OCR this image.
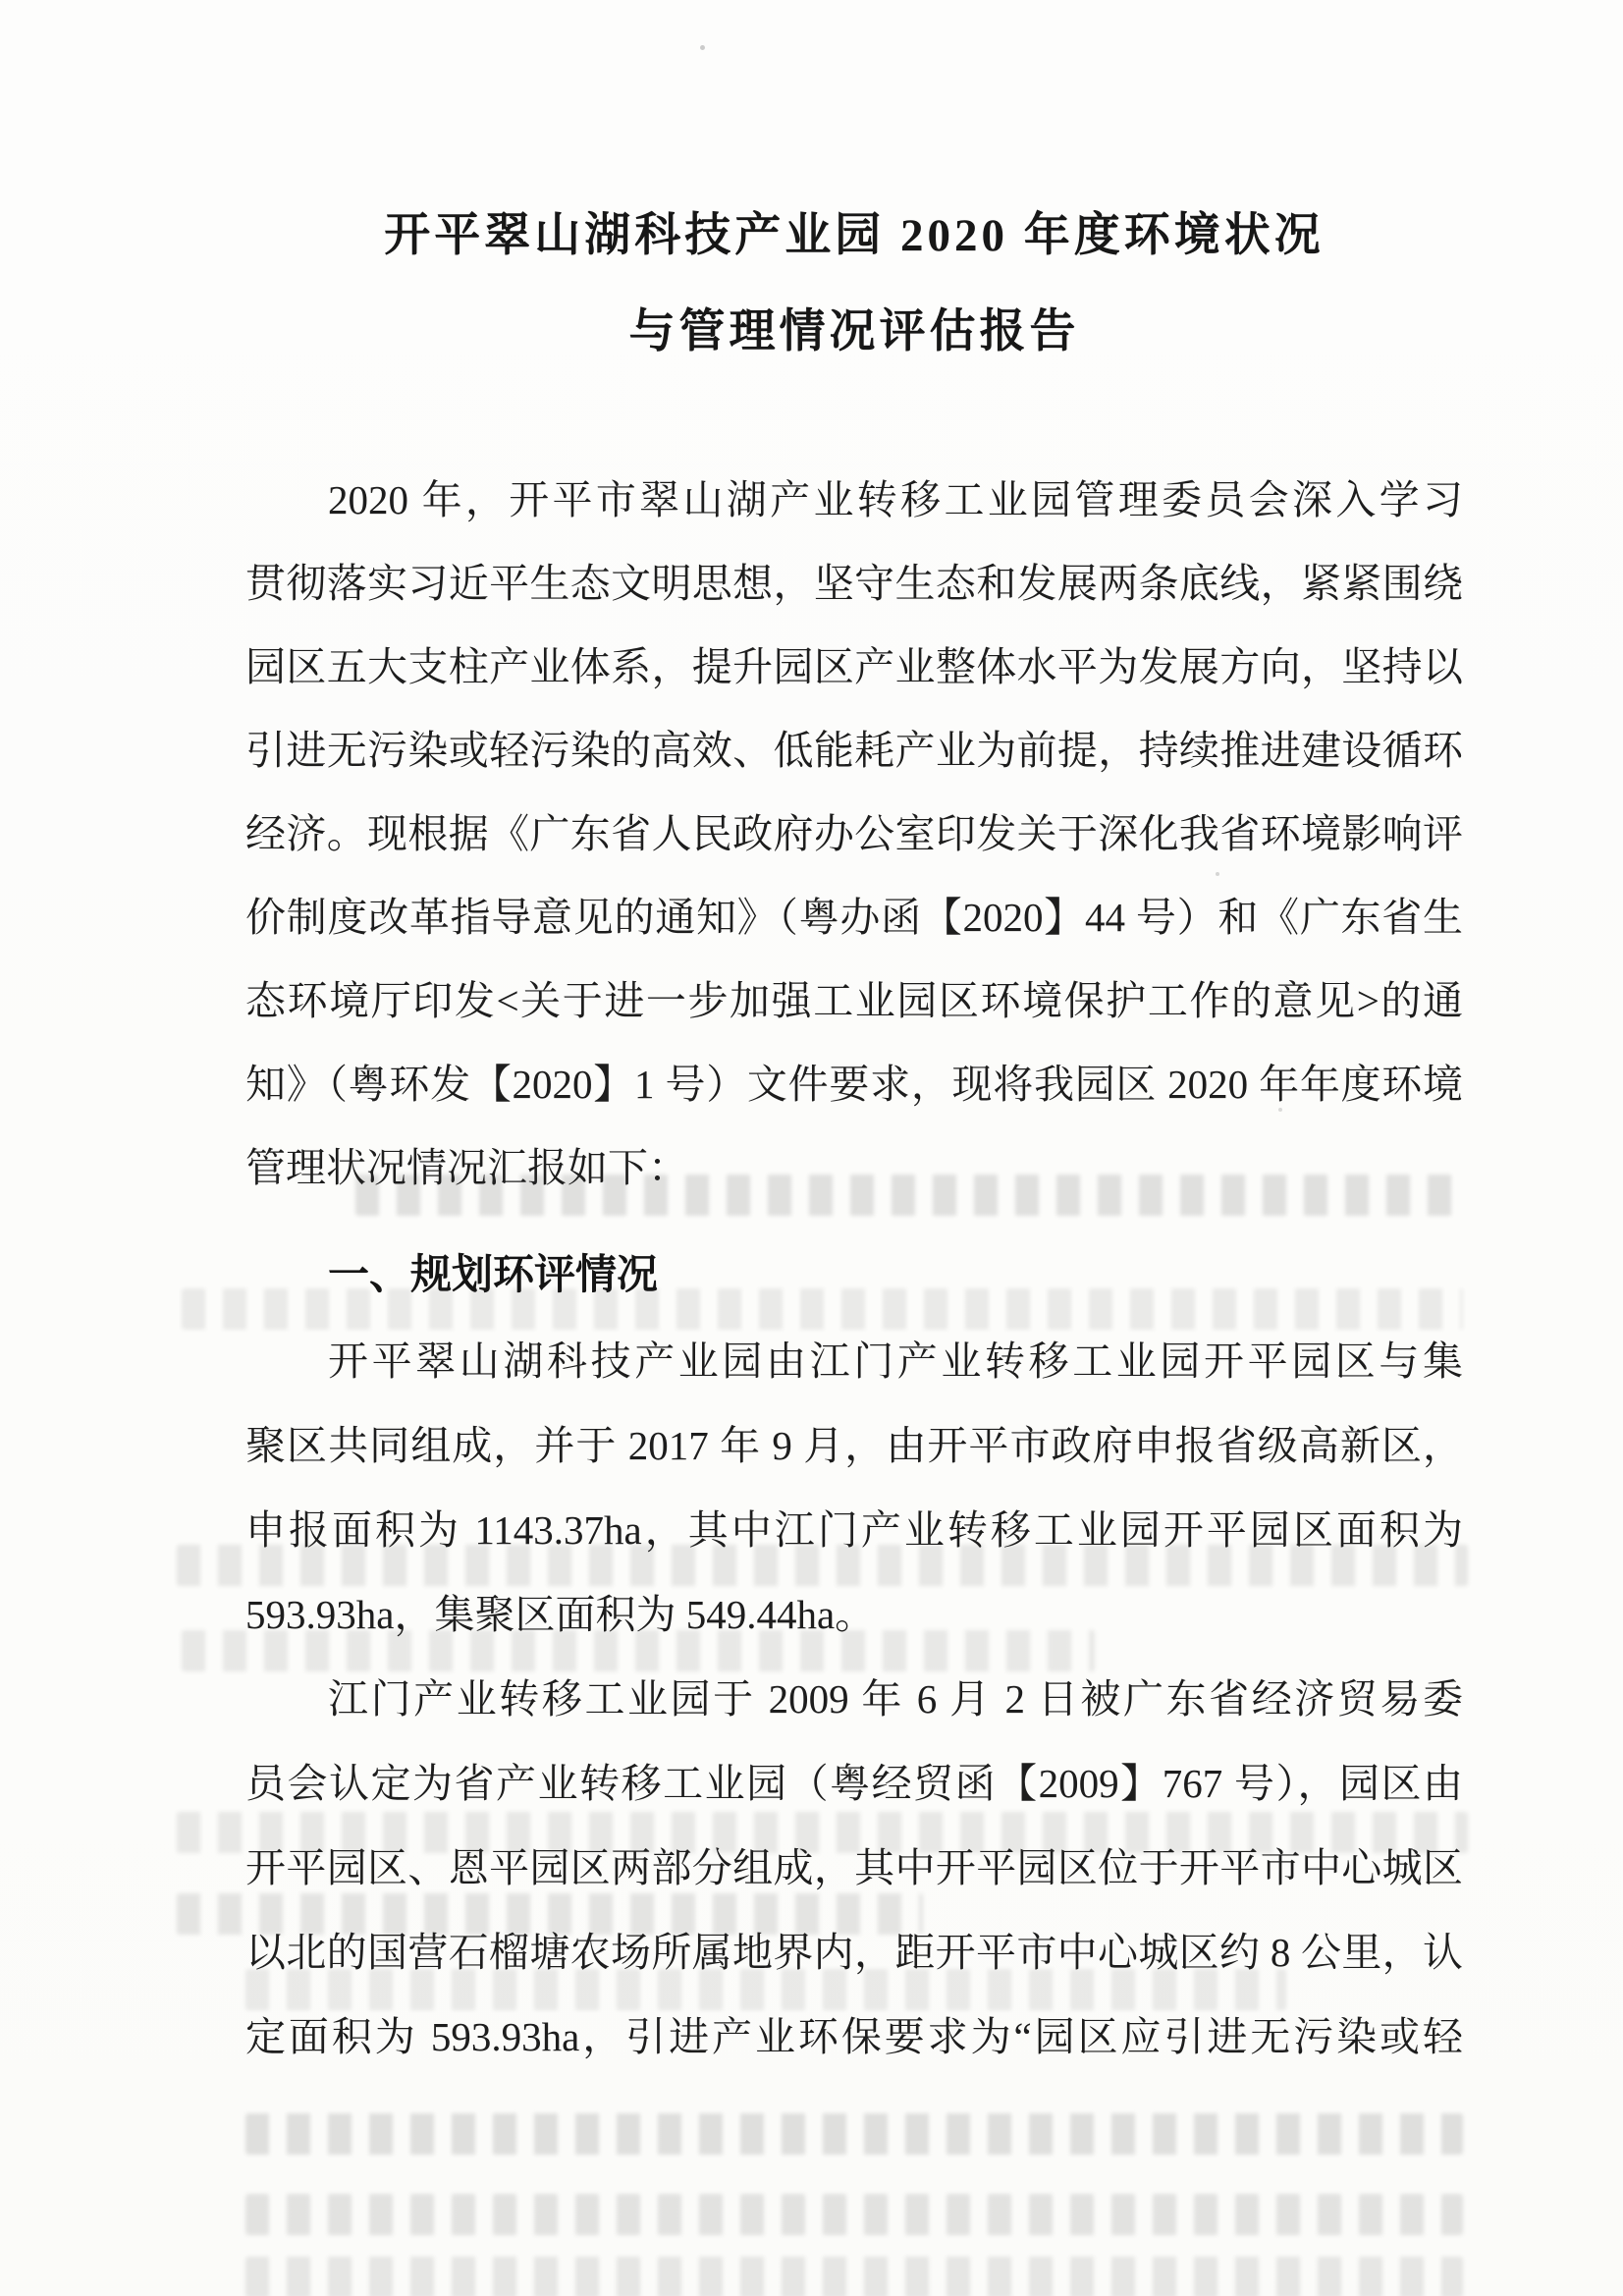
开平翠山湖科技产业园 2020 年度环境状况
与管理情况评估报告
2020 年，开平市翠山湖产业转移工业园管理委员会深入学习
贯彻落实习近平生态文明思想，坚守生态和发展两条底线，紧紧围绕
园区五大支柱产业体系，提升园区产业整体水平为发展方向，坚持以
引进无污染或轻污染的高效、低能耗产业为前提，持续推进建设循环
经济。现根据《广东省人民政府办公室印发关于深化我省环境影响评
价制度改革指导意见的通知》（粤办函【2020】44 号）和《广东省生
态环境厅印发<关于进一步加强工业园区环境保护工作的意见>的通
知》（粤环发【2020】1 号）文件要求，现将我园区 2020 年年度环境
管理状况情况汇报如下：
一、规划环评情况
开平翠山湖科技产业园由江门产业转移工业园开平园区与集
聚区共同组成，并于 2017 年 9 月，由开平市政府申报省级高新区，
申报面积为 1143.37ha，其中江门产业转移工业园开平园区面积为
593.93ha，集聚区面积为 549.44ha。
江门产业转移工业园于 2009 年 6 月 2 日被广东省经济贸易委
员会认定为省产业转移工业园（粤经贸函【2009】767 号），园区由
开平园区、恩平园区两部分组成，其中开平园区位于开平市中心城区
以北的国营石榴塘农场所属地界内，距开平市中心城区约 8 公里，认
定面积为 593.93ha，引进产业环保要求为“园区应引进无污染或轻
